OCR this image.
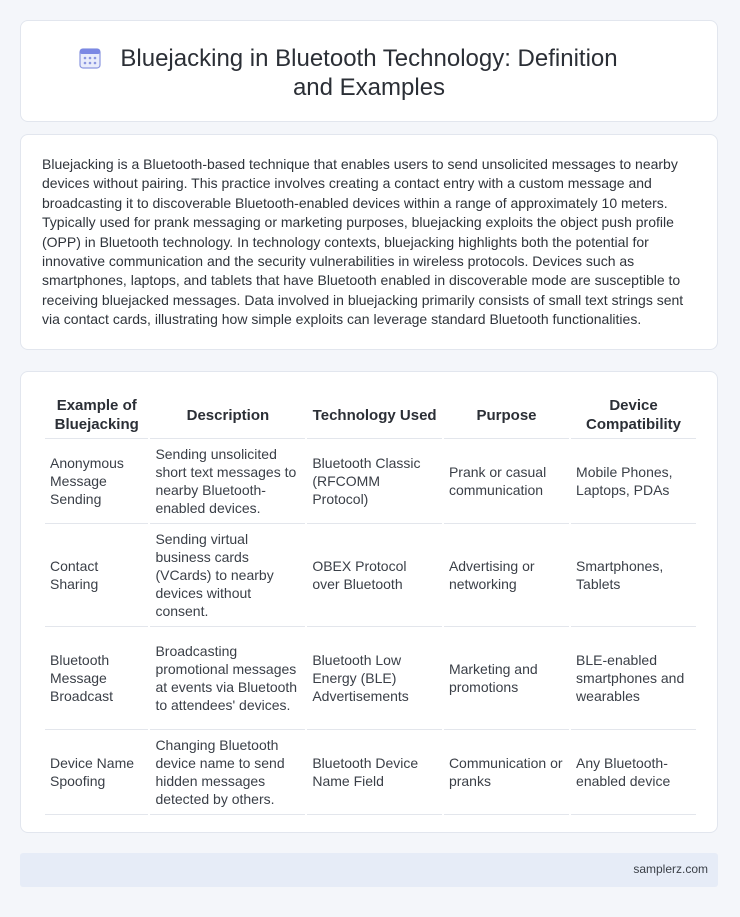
Bluejacking in Bluetooth Technology: Definition and Examples
Bluejacking is a Bluetooth-based technique that enables users to send unsolicited messages to nearby devices without pairing. This practice involves creating a contact entry with a custom message and broadcasting it to discoverable Bluetooth-enabled devices within a range of approximately 10 meters. Typically used for prank messaging or marketing purposes, bluejacking exploits the object push profile (OPP) in Bluetooth technology. In technology contexts, bluejacking highlights both the potential for innovative communication and the security vulnerabilities in wireless protocols. Devices such as smartphones, laptops, and tablets that have Bluetooth enabled in discoverable mode are susceptible to receiving bluejacked messages. Data involved in bluejacking primarily consists of small text strings sent via contact cards, illustrating how simple exploits can leverage standard Bluetooth functionalities.
Example of Bluejacking	Description	Technology Used	Purpose	Device Compatibility
Anonymous Message Sending	Sending unsolicited short text messages to nearby Bluetooth-enabled devices.	Bluetooth Classic (RFCOMM Protocol)	Prank or casual communication	Mobile Phones, Laptops, PDAs
Contact Sharing	Sending virtual business cards (VCards) to nearby devices without consent.	OBEX Protocol over Bluetooth	Advertising or networking	Smartphones, Tablets
Bluetooth Message Broadcast	Broadcasting promotional messages at events via Bluetooth to attendees' devices.	Bluetooth Low Energy (BLE) Advertisements	Marketing and promotions	BLE-enabled smartphones and wearables
Device Name Spoofing	Changing Bluetooth device name to send hidden messages detected by others.	Bluetooth Device Name Field	Communication or pranks	Any Bluetooth-enabled device
samplerz.com
